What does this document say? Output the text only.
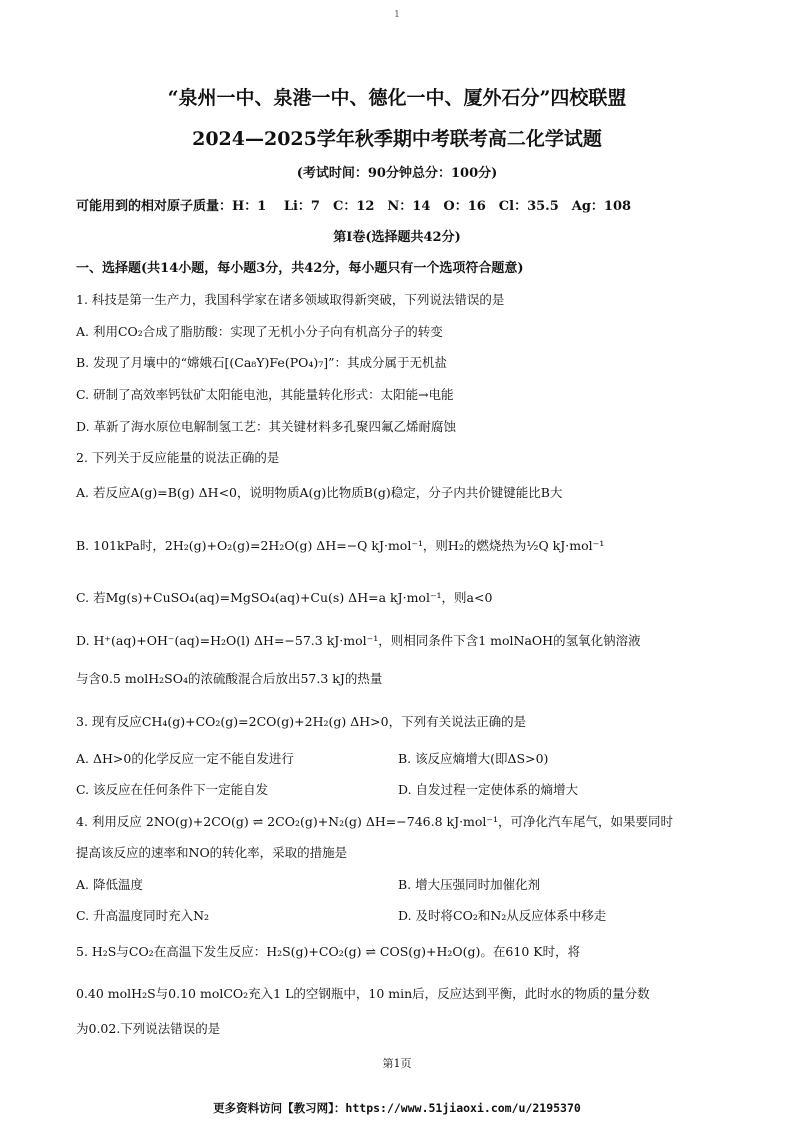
1
“泉州一中、泉港一中、德化一中、厦外石分”四校联盟
2024—2025学年秋季期中考联考高二化学试题
(考试时间：90分钟总分：100分)
可能用到的相对原子质量：H：1　 Li：7　C：12　N：14　O：16　Cl：35.5　Ag：108
第Ⅰ卷(选择题共42分)
一、选择题(共14小题，每小题3分，共42分，每小题只有一个选项符合题意)
1. 科技是第一生产力，我国科学家在诸多领域取得新突破，下列说法错误的是
A. 利用CO₂合成了脂肪酸：实现了无机小分子向有机高分子的转变
B. 发现了月壤中的“嫦娥石[(Ca₈Y)Fe(PO₄)₇]”：其成分属于无机盐
C. 研制了高效率钙钛矿太阳能电池，其能量转化形式：太阳能→电能
D. 革新了海水原位电解制氢工艺：其关键材料多孔聚四氟乙烯耐腐蚀
2. 下列关于反应能量的说法正确的是
A. 若反应A(g)=B(g) ΔH<0，说明物质A(g)比物质B(g)稳定，分子内共价键键能比B大
B. 101kPa时，2H₂(g)+O₂(g)=2H₂O(g) ΔH=−Q kJ·mol⁻¹，则H₂的燃烧热为½Q kJ·mol⁻¹
C. 若Mg(s)+CuSO₄(aq)=MgSO₄(aq)+Cu(s) ΔH=a kJ·mol⁻¹，则a<0
D. H⁺(aq)+OH⁻(aq)=H₂O(l) ΔH=−57.3 kJ·mol⁻¹，则相同条件下含1 molNaOH的氢氧化钠溶液
与含0.5 molH₂SO₄的浓硫酸混合后放出57.3 kJ的热量
3. 现有反应CH₄(g)+CO₂(g)=2CO(g)+2H₂(g) ΔH>0，下列有关说法正确的是
A. ΔH>0的化学反应一定不能自发进行	B. 该反应熵增大(即ΔS>0)
C. 该反应在任何条件下一定能自发	D. 自发过程一定使体系的熵增大
4. 利用反应 2NO(g)+2CO(g) ⇌ 2CO₂(g)+N₂(g) ΔH=−746.8 kJ·mol⁻¹，可净化汽车尾气，如果要同时
提高该反应的速率和NO的转化率，采取的措施是
A. 降低温度	B. 增大压强同时加催化剂
C. 升高温度同时充入N₂	D. 及时将CO₂和N₂从反应体系中移走
5. H₂S与CO₂在高温下发生反应：H₂S(g)+CO₂(g) ⇌ COS(g)+H₂O(g)。在610 K时，将
0.40 molH₂S与0.10 molCO₂充入1 L的空钢瓶中，10 min后，反应达到平衡，此时水的物质的量分数
为0.02.下列说法错误的是
第1页
更多资料访问【教习网】：https://www.51jiaoxi.com/u/2195370
